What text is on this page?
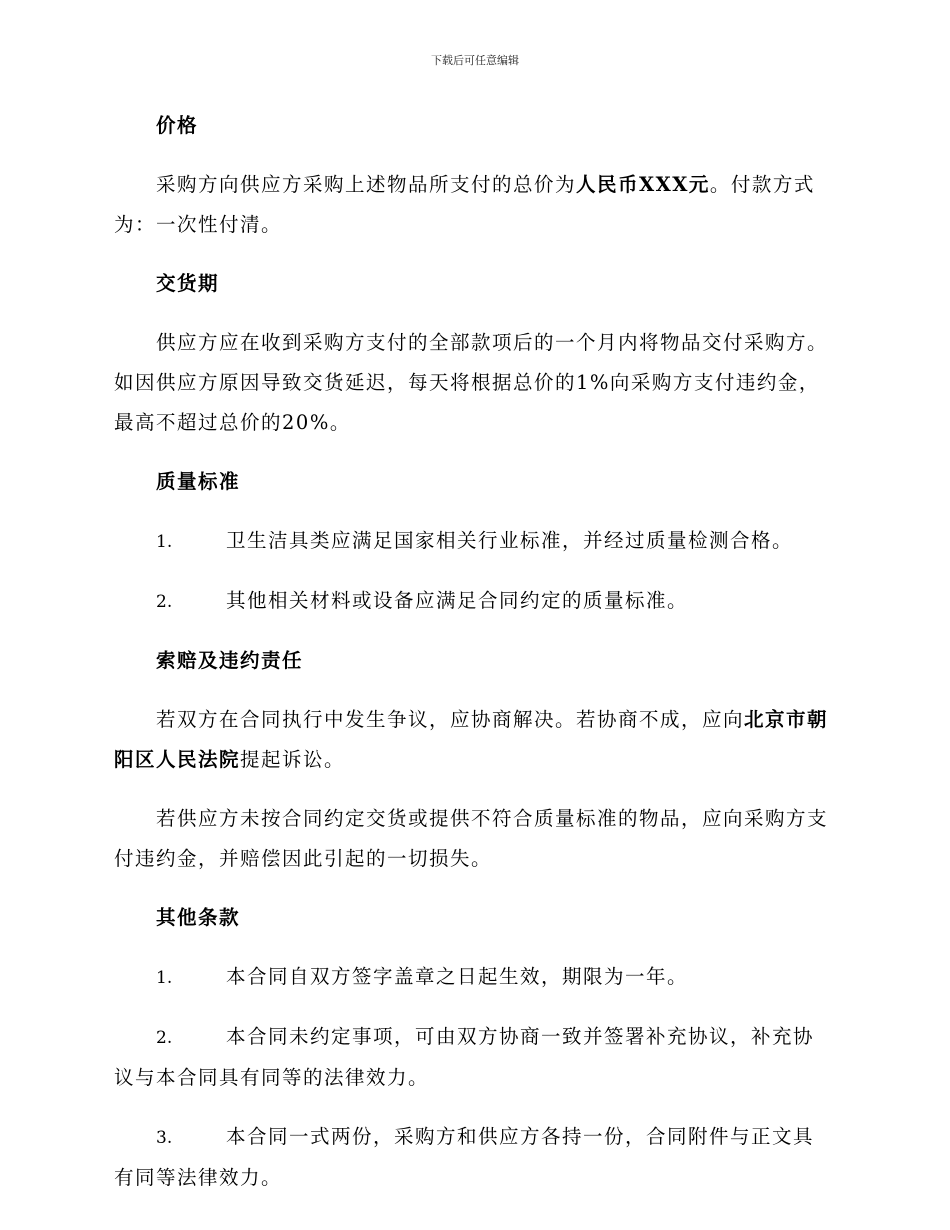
下载后可任意编辑
价格

采购方向供应方采购上述物品所支付的总价为人民币XXX元。付款方式为：一次性付清。

交货期

供应方应在收到采购方支付的全部款项后的一个月内将物品交付采购方。如因供应方原因导致交货延迟，每天将根据总价的1%向采购方支付违约金，最高不超过总价的20%。

质量标准

1.	卫生洁具类应满足国家相关行业标准，并经过质量检测合格。

2.	其他相关材料或设备应满足合同约定的质量标准。

索赔及违约责任

若双方在合同执行中发生争议，应协商解决。若协商不成，应向北京市朝阳区人民法院提起诉讼。

若供应方未按合同约定交货或提供不符合质量标准的物品，应向采购方支付违约金，并赔偿因此引起的一切损失。

其他条款

1.	本合同自双方签字盖章之日起生效，期限为一年。

2.	本合同未约定事项，可由双方协商一致并签署补充协议，补充协议与本合同具有同等的法律效力。

3.	本合同一式两份，采购方和供应方各持一份，合同附件与正文具有同等法律效力。
